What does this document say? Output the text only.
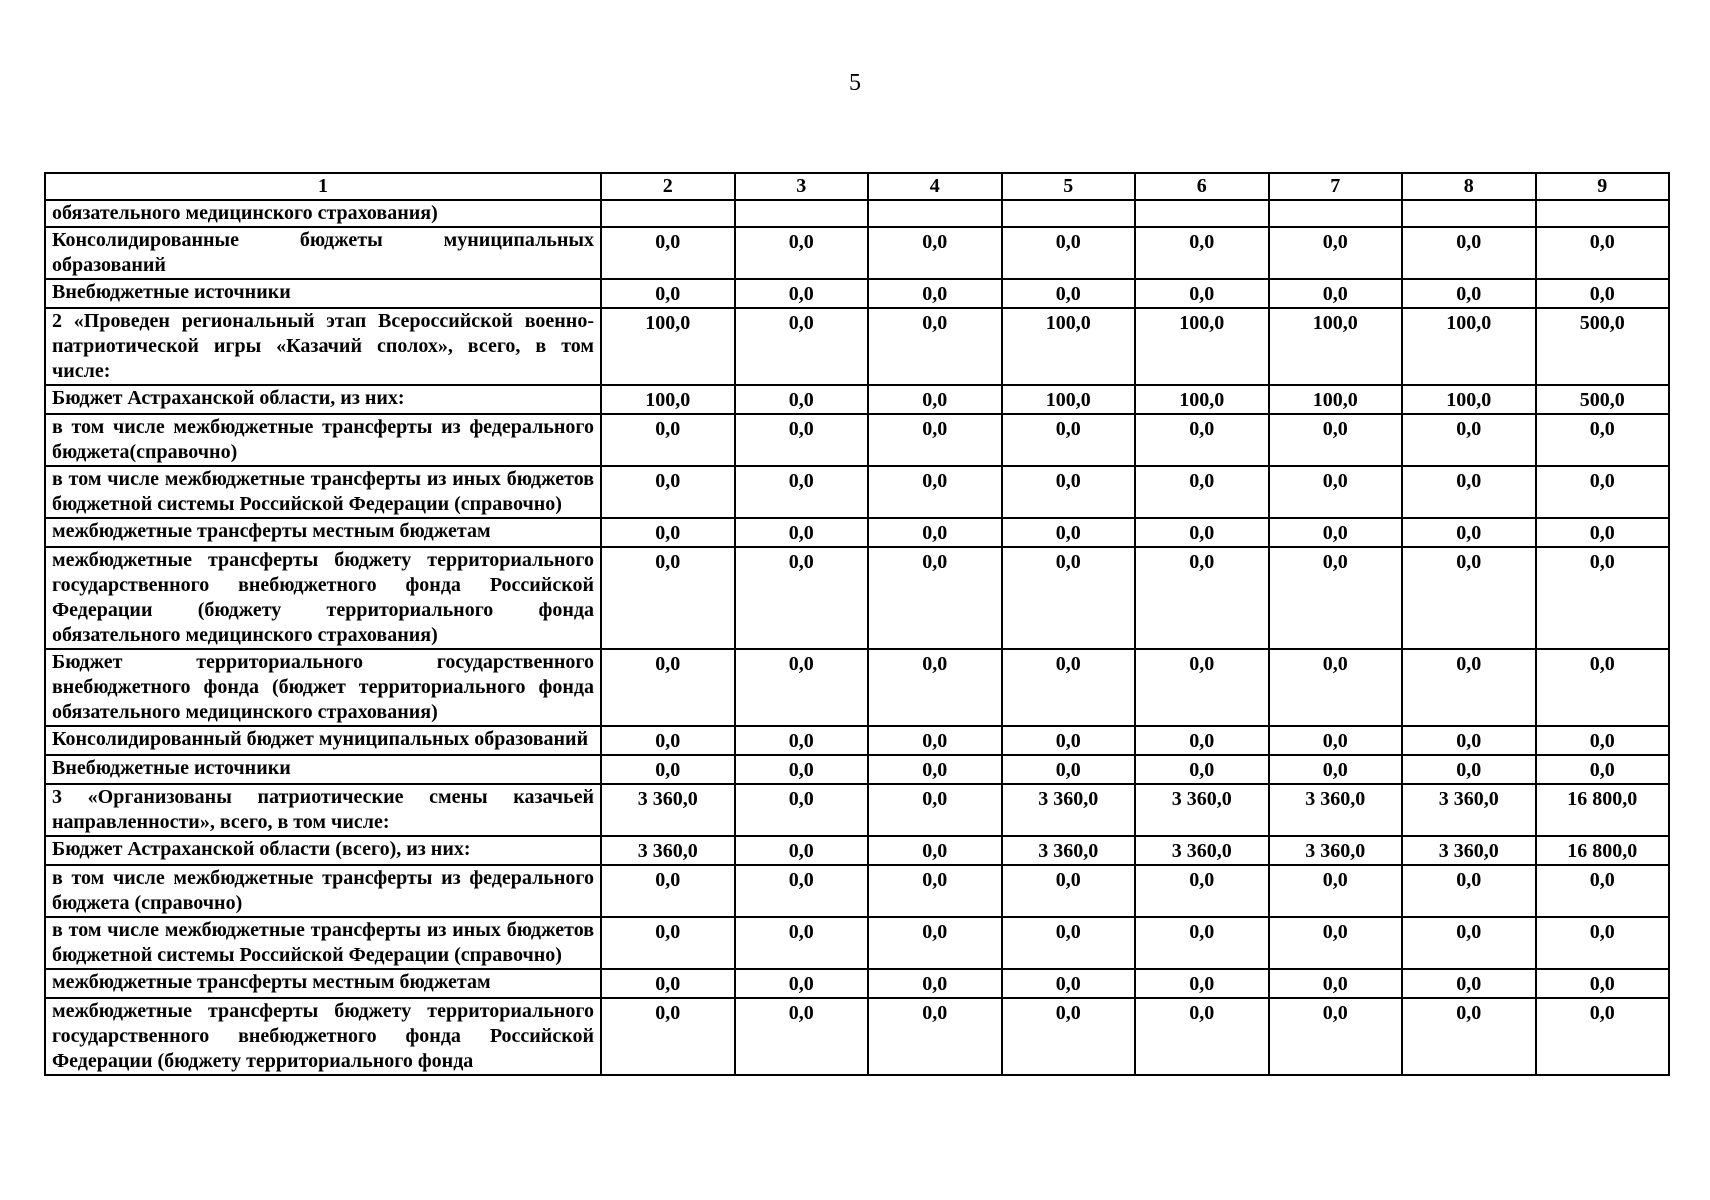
5
1	2	3	4	5	6	7	8	9
обязательного медицинского страхования)								
Консолидированные бюджеты муниципальных образований	0,0	0,0	0,0	0,0	0,0	0,0	0,0	0,0
Внебюджетные источники	0,0	0,0	0,0	0,0	0,0	0,0	0,0	0,0
2 «Проведен региональный этап Всероссийской военно-патриотической игры «Казачий сполох», всего, в том числе:	100,0	0,0	0,0	100,0	100,0	100,0	100,0	500,0
Бюджет Астраханской области, из них:	100,0	0,0	0,0	100,0	100,0	100,0	100,0	500,0
в том числе межбюджетные трансферты из федерального бюджета(справочно)	0,0	0,0	0,0	0,0	0,0	0,0	0,0	0,0
в том числе межбюджетные трансферты из иных бюджетов бюджетной системы Российской Федерации (справочно)	0,0	0,0	0,0	0,0	0,0	0,0	0,0	0,0
межбюджетные трансферты местным бюджетам	0,0	0,0	0,0	0,0	0,0	0,0	0,0	0,0
межбюджетные трансферты бюджету территориального государственного внебюджетного фонда Российской Федерации (бюджету территориального фонда обязательного медицинского страхования)	0,0	0,0	0,0	0,0	0,0	0,0	0,0	0,0
Бюджет территориального государственного внебюджетного фонда (бюджет территориального фонда обязательного медицинского страхования)	0,0	0,0	0,0	0,0	0,0	0,0	0,0	0,0
Консолидированный бюджет муниципальных образований	0,0	0,0	0,0	0,0	0,0	0,0	0,0	0,0
Внебюджетные источники	0,0	0,0	0,0	0,0	0,0	0,0	0,0	0,0
3 «Организованы патриотические смены казачьей направленности», всего, в том числе:	3 360,0	0,0	0,0	3 360,0	3 360,0	3 360,0	3 360,0	16 800,0
Бюджет Астраханской области (всего), из них:	3 360,0	0,0	0,0	3 360,0	3 360,0	3 360,0	3 360,0	16 800,0
в том числе межбюджетные трансферты из федерального бюджета (справочно)	0,0	0,0	0,0	0,0	0,0	0,0	0,0	0,0
в том числе межбюджетные трансферты из иных бюджетов бюджетной системы Российской Федерации (справочно)	0,0	0,0	0,0	0,0	0,0	0,0	0,0	0,0
межбюджетные трансферты местным бюджетам	0,0	0,0	0,0	0,0	0,0	0,0	0,0	0,0
межбюджетные трансферты бюджету территориального государственного внебюджетного фонда Российской Федерации (бюджету территориального фонда	0,0	0,0	0,0	0,0	0,0	0,0	0,0	0,0
